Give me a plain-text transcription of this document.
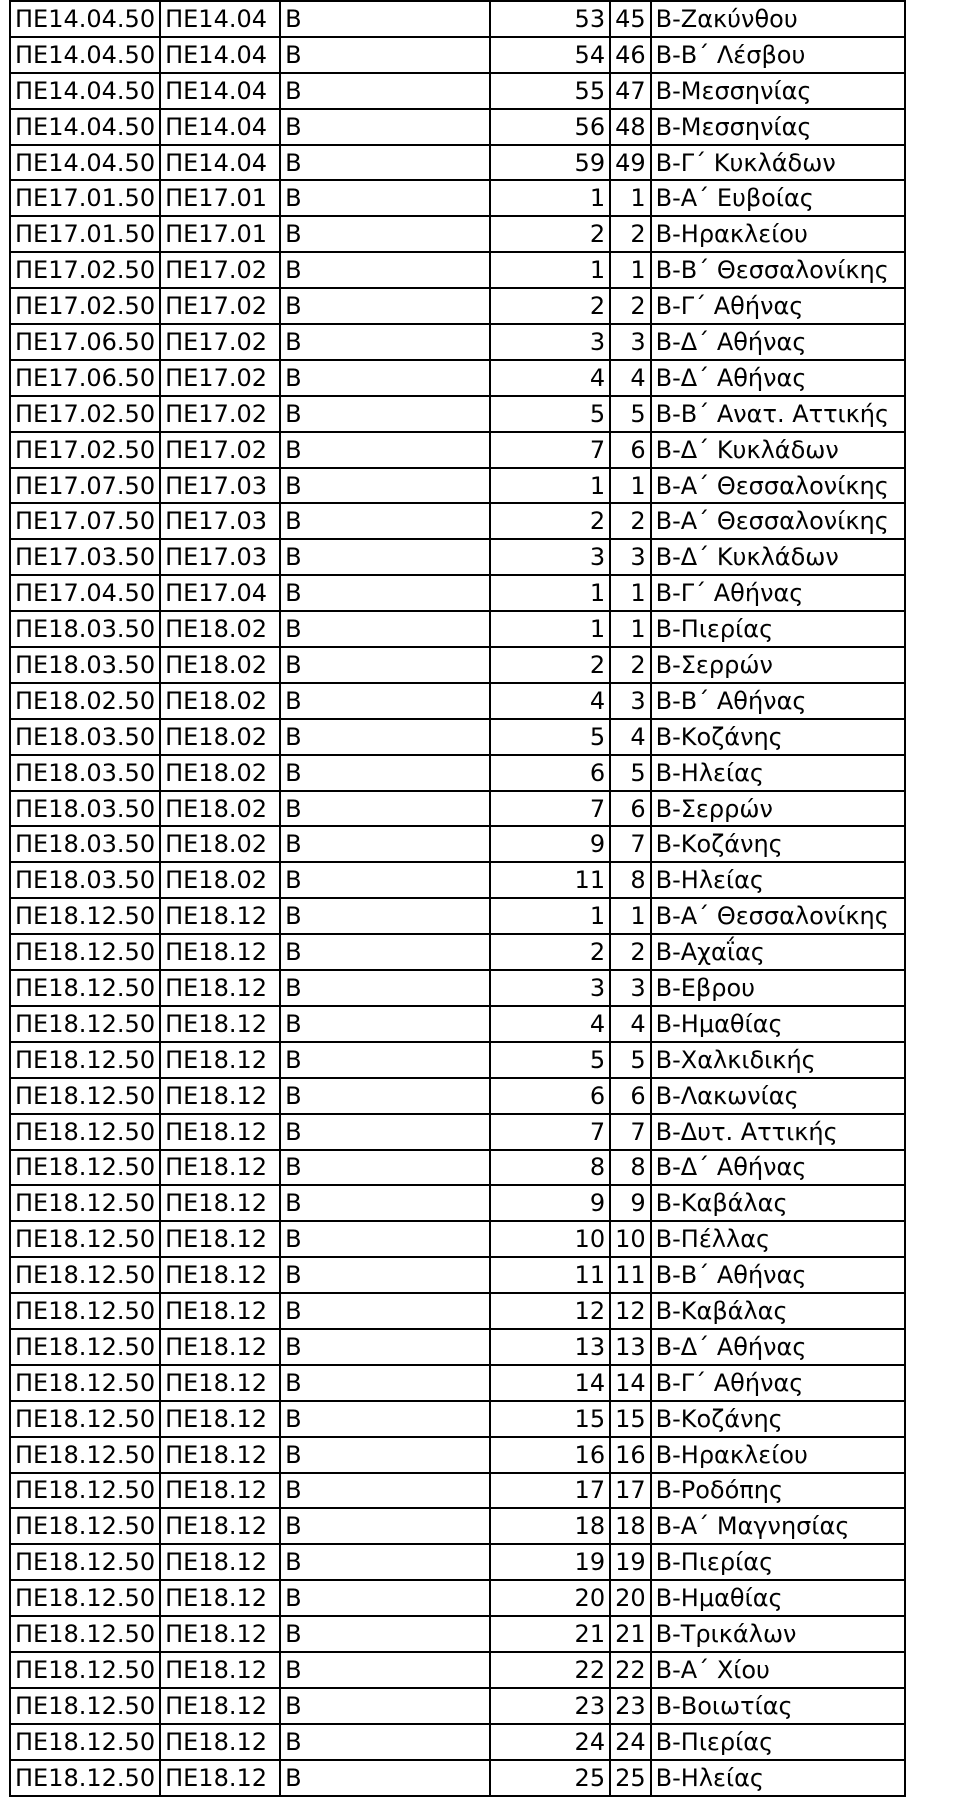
ΠΕ14.04.50	ΠΕ14.04	Β	53	45	Β-Ζακύνθου
ΠΕ14.04.50	ΠΕ14.04	Β	54	46	Β-Β΄ Λέσβου
ΠΕ14.04.50	ΠΕ14.04	Β	55	47	Β-Μεσσηνίας
ΠΕ14.04.50	ΠΕ14.04	Β	56	48	Β-Μεσσηνίας
ΠΕ14.04.50	ΠΕ14.04	Β	59	49	Β-Γ΄ Κυκλάδων
ΠΕ17.01.50	ΠΕ17.01	Β	1	1	Β-Α΄ Ευβοίας
ΠΕ17.01.50	ΠΕ17.01	Β	2	2	Β-Ηρακλείου
ΠΕ17.02.50	ΠΕ17.02	Β	1	1	Β-Β΄ Θεσσαλονίκης
ΠΕ17.02.50	ΠΕ17.02	Β	2	2	Β-Γ΄ Αθήνας
ΠΕ17.06.50	ΠΕ17.02	Β	3	3	Β-Δ΄ Αθήνας
ΠΕ17.06.50	ΠΕ17.02	Β	4	4	Β-Δ΄ Αθήνας
ΠΕ17.02.50	ΠΕ17.02	Β	5	5	Β-Β΄ Ανατ. Αττικής
ΠΕ17.02.50	ΠΕ17.02	Β	7	6	Β-Δ΄ Κυκλάδων
ΠΕ17.07.50	ΠΕ17.03	Β	1	1	Β-Α΄ Θεσσαλονίκης
ΠΕ17.07.50	ΠΕ17.03	Β	2	2	Β-Α΄ Θεσσαλονίκης
ΠΕ17.03.50	ΠΕ17.03	Β	3	3	Β-Δ΄ Κυκλάδων
ΠΕ17.04.50	ΠΕ17.04	Β	1	1	Β-Γ΄ Αθήνας
ΠΕ18.03.50	ΠΕ18.02	Β	1	1	Β-Πιερίας
ΠΕ18.03.50	ΠΕ18.02	Β	2	2	Β-Σερρών
ΠΕ18.02.50	ΠΕ18.02	Β	4	3	Β-Β΄ Αθήνας
ΠΕ18.03.50	ΠΕ18.02	Β	5	4	Β-Κοζάνης
ΠΕ18.03.50	ΠΕ18.02	Β	6	5	Β-Ηλείας
ΠΕ18.03.50	ΠΕ18.02	Β	7	6	Β-Σερρών
ΠΕ18.03.50	ΠΕ18.02	Β	9	7	Β-Κοζάνης
ΠΕ18.03.50	ΠΕ18.02	Β	11	8	Β-Ηλείας
ΠΕ18.12.50	ΠΕ18.12	Β	1	1	Β-Α΄ Θεσσαλονίκης
ΠΕ18.12.50	ΠΕ18.12	Β	2	2	Β-Αχαΐας
ΠΕ18.12.50	ΠΕ18.12	Β	3	3	Β-Εβρου
ΠΕ18.12.50	ΠΕ18.12	Β	4	4	Β-Ημαθίας
ΠΕ18.12.50	ΠΕ18.12	Β	5	5	Β-Χαλκιδικής
ΠΕ18.12.50	ΠΕ18.12	Β	6	6	Β-Λακωνίας
ΠΕ18.12.50	ΠΕ18.12	Β	7	7	Β-Δυτ. Αττικής
ΠΕ18.12.50	ΠΕ18.12	Β	8	8	Β-Δ΄ Αθήνας
ΠΕ18.12.50	ΠΕ18.12	Β	9	9	Β-Καβάλας
ΠΕ18.12.50	ΠΕ18.12	Β	10	10	Β-Πέλλας
ΠΕ18.12.50	ΠΕ18.12	Β	11	11	Β-Β΄ Αθήνας
ΠΕ18.12.50	ΠΕ18.12	Β	12	12	Β-Καβάλας
ΠΕ18.12.50	ΠΕ18.12	Β	13	13	Β-Δ΄ Αθήνας
ΠΕ18.12.50	ΠΕ18.12	Β	14	14	Β-Γ΄ Αθήνας
ΠΕ18.12.50	ΠΕ18.12	Β	15	15	Β-Κοζάνης
ΠΕ18.12.50	ΠΕ18.12	Β	16	16	Β-Ηρακλείου
ΠΕ18.12.50	ΠΕ18.12	Β	17	17	Β-Ροδόπης
ΠΕ18.12.50	ΠΕ18.12	Β	18	18	Β-Α΄ Μαγνησίας
ΠΕ18.12.50	ΠΕ18.12	Β	19	19	Β-Πιερίας
ΠΕ18.12.50	ΠΕ18.12	Β	20	20	Β-Ημαθίας
ΠΕ18.12.50	ΠΕ18.12	Β	21	21	Β-Τρικάλων
ΠΕ18.12.50	ΠΕ18.12	Β	22	22	Β-Α΄ Χίου
ΠΕ18.12.50	ΠΕ18.12	Β	23	23	Β-Βοιωτίας
ΠΕ18.12.50	ΠΕ18.12	Β	24	24	Β-Πιερίας
ΠΕ18.12.50	ΠΕ18.12	Β	25	25	Β-Ηλείας
